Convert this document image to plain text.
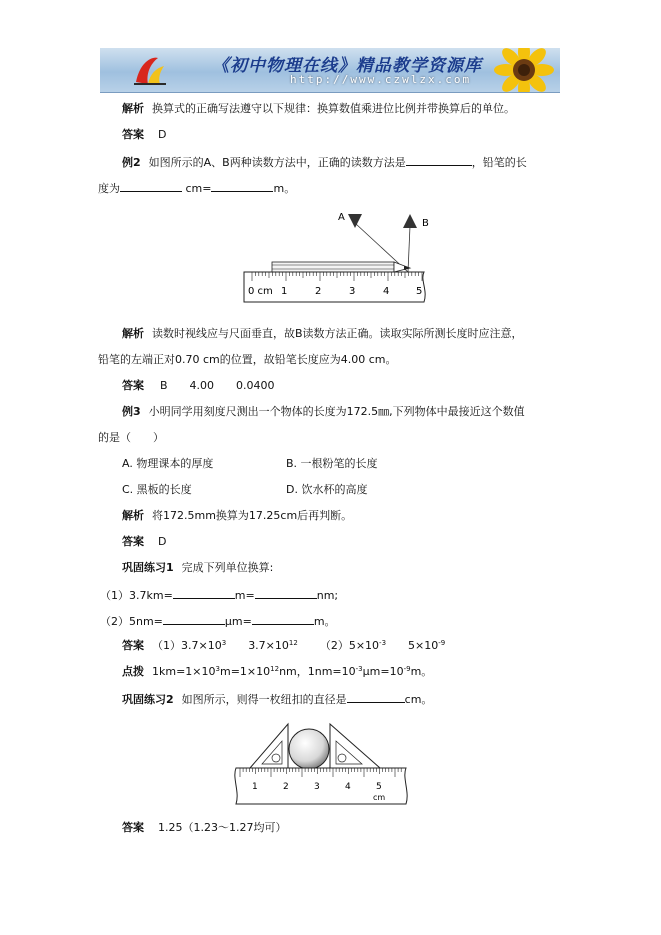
《初中物理在线》精品教学资源库
http://www.czwlzx.com
解析 换算式的正确写法遵守以下规律：换算数值乘进位比例并带换算后的单位。
答案 D
例2 如图所示的A、B两种读数方法中，正确的读数方法是	，铅笔的长
度为	cm=	m。
A
B
0 cm 1	2	3	4	5
解析 读数时视线应与尺面垂直，故B读数方法正确。读取实际所测长度时应注意，
铅笔的左端正对0.70 cm的位置，故铅笔长度应为4.00 cm。
答案 B 4.00 0.0400
例3 小明同学用刻度尺测出一个物体的长度为172.5㎜,下列物体中最接近这个数值
的是（　　）
A. 物理课本的厚度	B. 一根粉笔的长度
C. 黑板的长度	D. 饮水杯的高度
解析 将172.5mm换算为17.25cm后再判断。
答案 D
巩固练习1 完成下列单位换算:
（1）3.7km=	m=	nm;
（2）5nm=	μm=	m。
答案 $(1)3.7\times 10^3$ $3.7\times 10^{12}$ $(2)5\times 10^{-3}$ $5\times 10^{-9}$
点拨 $1km=1\times 10^3m=1\times 10^{12}nm$，$1nm=10^{-3}\mu m=10^{-9}m$。
巩固练习2 如图所示，则得一枚纽扣的直径是	cm。
1	2	3	4	5
cm
答案 1.25（1.23～1.27均可）
